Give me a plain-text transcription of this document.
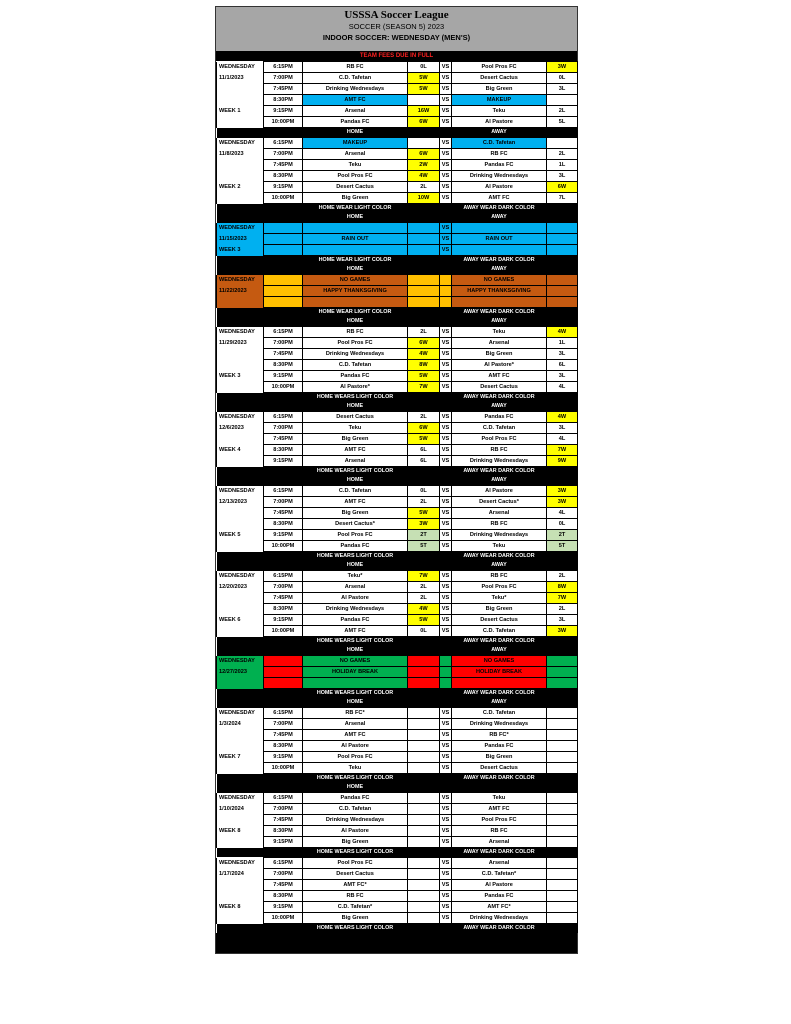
USSSA Soccer League
SOCCER (SEASON 5) 2023
INDOOR SOCCER: WEDNESDAY (MEN'S)
TEAM FEES DUE IN FULL
WEDNESDAY	6:15PM	RB FC	0L	VS	Pool Pros FC	3W
11/1/2023	7:00PM	C.D. Tafetan	5W	VS	Desert Cactus	0L
	7:45PM	Drinking Wednesdays	5W	VS	Big Green	3L
	8:30PM	AMT FC		VS	MAKEUP	
WEEK 1	9:15PM	Arsenal	16W	VS	Teku	2L
	10:00PM	Pandas FC	6W	VS	Al Pastore	5L
		HOME			AWAY	
WEDNESDAY	6:15PM	MAKEUP		VS	C.D. Tafetan	
11/8/2023	7:00PM	Arsenal	6W	VS	RB FC	2L
	7:45PM	Teku	2W	VS	Pandas FC	1L
	8:30PM	Pool Pros FC	4W	VS	Drinking Wednesdays	3L
WEEK 2	9:15PM	Desert Cactus	2L	VS	Al Pastore	6W
	10:00PM	Big Green	10W	VS	AMT FC	7L
		HOME WEAR LIGHT COLOR			AWAY WEAR DARK COLOR	
		HOME			AWAY	
WEDNESDAY				VS		
11/15/2023		RAIN OUT		VS	RAIN OUT	
WEEK 3				VS		
		HOME WEAR LIGHT COLOR			AWAY WEAR DARK COLOR	
		HOME			AWAY	
WEDNESDAY		NO GAMES			NO GAMES	
11/22/2023		HAPPY THANKSGIVING			HAPPY THANKSGIVING	

		HOME WEAR LIGHT COLOR			AWAY WEAR DARK COLOR	
		HOME			AWAY	
WEDNESDAY	6:15PM	RB FC	2L	VS	Teku	4W
11/29/2023	7:00PM	Pool Pros FC	6W	VS	Arsenal	1L
	7:45PM	Drinking Wednesdays	4W	VS	Big Green	3L
	8:30PM	C.D. Tafetan	8W	VS	Al Pastore*	6L
WEEK 3	9:15PM	Pandas FC	5W	VS	AMT FC	3L
	10:00PM	Al Pastore*	7W	VS	Desert Cactus	4L
		HOME WEARS LIGHT COLOR			AWAY WEAR DARK COLOR	
		HOME			AWAY	
WEDNESDAY	6:15PM	Desert Cactus	2L	VS	Pandas FC	4W
12/6/2023	7:00PM	Teku	6W	VS	C.D. Tafetan	3L
	7:45PM	Big Green	5W	VS	Pool Pros FC	4L
WEEK 4	8:30PM	AMT FC	6L	VS	RB FC	7W
	9:15PM	Arsenal	6L	VS	Drinking Wednesdays	9W
		HOME WEARS LIGHT COLOR			AWAY WEAR DARK COLOR	
		HOME			AWAY	
WEDNESDAY	6:15PM	C.D. Tafetan	0L	VS	Al Pastore	3W
12/13/2023	7:00PM	AMT FC	2L	VS	Desert Cactus*	3W
	7:45PM	Big Green	5W	VS	Arsenal	4L
	8:30PM	Desert Cactus*	3W	VS	RB FC	0L
WEEK 5	9:15PM	Pool Pros FC	2T	VS	Drinking Wednesdays	2T
	10:00PM	Pandas FC	5T	VS	Teku	5T
		HOME WEARS LIGHT COLOR			AWAY WEAR DARK COLOR	
		HOME			AWAY	
WEDNESDAY	6:15PM	Teku*	7W	VS	RB FC	2L
12/20/2023	7:00PM	Arsenal	2L	VS	Pool Pros FC	8W
	7:45PM	Al Pastore	2L	VS	Teku*	7W
	8:30PM	Drinking Wednesdays	4W	VS	Big Green	2L
WEEK 6	9:15PM	Pandas FC	5W	VS	Desert Cactus	3L
	10:00PM	AMT FC	0L	VS	C.D. Tafetan	3W
		HOME WEARS LIGHT COLOR			AWAY WEAR DARK COLOR	
		HOME			AWAY	
WEDNESDAY		NO GAMES			NO GAMES	
12/27/2023		HOLIDAY BREAK			HOLIDAY BREAK	

		HOME WEARS LIGHT COLOR			AWAY WEAR DARK COLOR	
		HOME			AWAY	
WEDNESDAY	6:15PM	RB FC*		VS	C.D. Tafetan	
1/3/2024	7:00PM	Arsenal		VS	Drinking Wednesdays	
	7:45PM	AMT FC		VS	RB FC*	
	8:30PM	Al Pastore		VS	Pandas FC	
WEEK 7	9:15PM	Pool Pros FC		VS	Big Green	
	10:00PM	Teku		VS	Desert Cactus	
		HOME WEARS LIGHT COLOR			AWAY WEAR DARK COLOR	
		HOME				
WEDNESDAY	6:15PM	Pandas FC		VS	Teku	
1/10/2024	7:00PM	C.D. Tafetan		VS	AMT FC	
	7:45PM	Drinking Wednesdays		VS	Pool Pros FC	
WEEK 8	8:30PM	Al Pastore		VS	RB FC	
	9:15PM	Big Green		VS	Arsenal	
		HOME WEARS LIGHT COLOR			AWAY WEAR DARK COLOR	
WEDNESDAY	6:15PM	Pool Pros FC		VS	Arsenal	
1/17/2024	7:00PM	Desert Cactus		VS	C.D. Tafetan*	
	7:45PM	AMT FC*		VS	Al Pastore	
	8:30PM	RB FC		VS	Pandas FC	
WEEK 8	9:15PM	C.D. Tafetan*		VS	AMT FC*	
	10:00PM	Big Green		VS	Drinking Wednesdays	
		HOME WEARS LIGHT COLOR			AWAY WEAR DARK COLOR	
